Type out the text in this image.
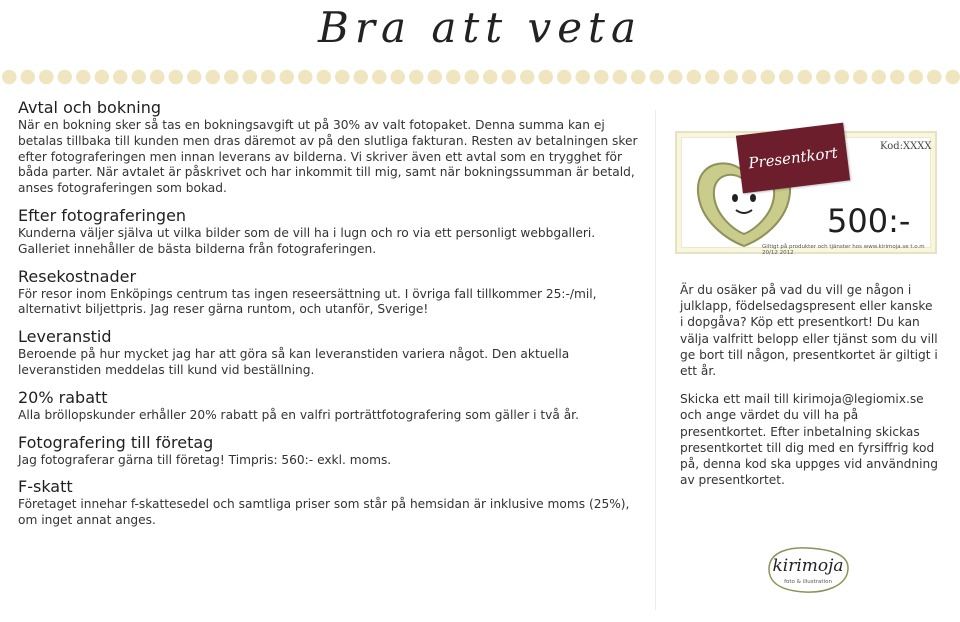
Bra att veta
Avtal och bokning

När en bokning sker så tas en bokningsavgift ut på 30% av valt fotopaket. Denna summa kan ej betalas tillbaka till kunden men dras däremot av på den slutliga fakturan. Resten av betalningen sker efter fotograferingen men innan leverans av bilderna. Vi skriver även ett avtal som en trygghet för båda parter. När avtalet är påskrivet och har inkommit till mig, samt när bokningssumman är betald, anses fotograferingen som bokad.

Efter fotograferingen

Kunderna väljer själva ut vilka bilder som de vill ha i lugn och ro via ett personligt webbgalleri. Galleriet innehåller de bästa bilderna från fotograferingen.

Resekostnader

För resor inom Enköpings centrum tas ingen reseersättning ut. I övriga fall tillkommer 25:-/mil, alternativt biljettpris. Jag reser gärna runtom, och utanför, Sverige!

Leveranstid

Beroende på hur mycket jag har att göra så kan leveranstiden variera något. Den aktuella leveranstiden meddelas till kund vid beställning.

20% rabatt

Alla bröllopskunder erhåller 20% rabatt på en valfri porträttfotografering som gäller i två år.

Fotografering till företag

Jag fotograferar gärna till företag! Timpris: 560:- exkl. moms.

F-skatt

Företaget innehar f-skattesedel och samtliga priser som står på hemsidan är inklusive moms (25%), om inget annat anges.

Presentkort	Kod:XXXX
500:-
Giltigt på produkter och tjänster hos www.kirimoja.se t.o.m 20/12 2012

Är du osäker på vad du vill ge någon i julklapp, födelsedagspresent eller kanske i dopgåva? Köp ett presentkort! Du kan välja valfritt belopp eller tjänst som du vill ge bort till någon, presentkortet är giltigt i ett år.

Skicka ett mail till kirimoja@legiomix.se och ange värdet du vill ha på presentkortet. Efter inbetalning skickas presentkortet till dig med en fyrsiffrig kod på, denna kod ska uppges vid användning av presentkortet.

kirimoja
foto & illustration
